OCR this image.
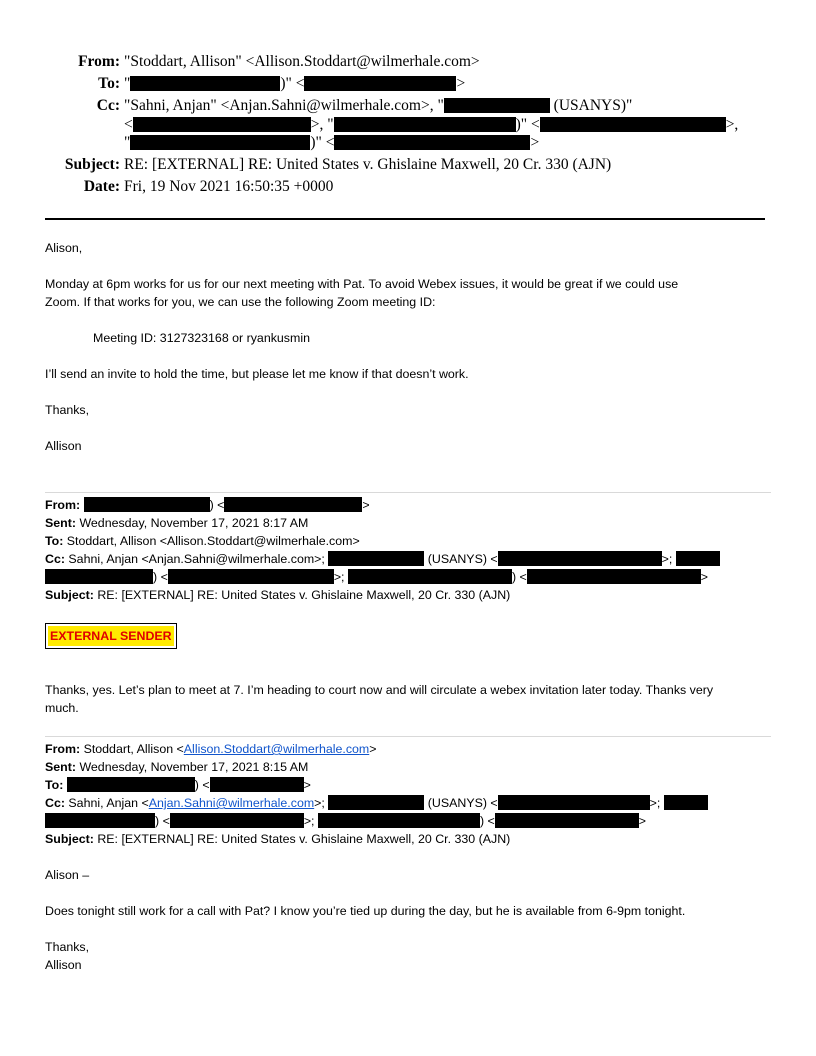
From: "Stoddart, Allison" <Allison.Stoddart@wilmerhale.com>
To: "	)" <	>
Cc: "Sahni, Anjan" <Anjan.Sahni@wilmerhale.com>, "	(USANYS)"
<	>, "	)" <	>,
"	)" <	>
Subject: RE: [EXTERNAL] RE: United States v. Ghislaine Maxwell, 20 Cr. 330 (AJN)
Date: Fri, 19 Nov 2021 16:50:35 +0000
Alison,
Monday at 6pm works for us for our next meeting with Pat. To avoid Webex issues, it would be great if we could use
Zoom. If that works for you, we can use the following Zoom meeting ID:
Meeting ID: 3127323168 or ryankusmin
I’ll send an invite to hold the time, but please let me know if that doesn’t work.
Thanks,
Allison
From:	) <	>
Sent: Wednesday, November 17, 2021 8:17 AM
To: Stoddart, Allison <Allison.Stoddart@wilmerhale.com>
Cc: Sahni, Anjan <Anjan.Sahni@wilmerhale.com>;	(USANYS) <	>;
) <	>;	) <	>
Subject: RE: [EXTERNAL] RE: United States v. Ghislaine Maxwell, 20 Cr. 330 (AJN)
EXTERNAL SENDER
Thanks, yes. Let’s plan to meet at 7. I’m heading to court now and will circulate a webex invitation later today. Thanks very
much.
From: Stoddart, Allison <Allison.Stoddart@wilmerhale.com>
Sent: Wednesday, November 17, 2021 8:15 AM
To:	) <	>
Cc: Sahni, Anjan <Anjan.Sahni@wilmerhale.com>;	(USANYS) <	>;
) <	>;	) <	>
Subject: RE: [EXTERNAL] RE: United States v. Ghislaine Maxwell, 20 Cr. 330 (AJN)
Alison –
Does tonight still work for a call with Pat? I know you’re tied up during the day, but he is available from 6-9pm tonight.
Thanks,
Allison
